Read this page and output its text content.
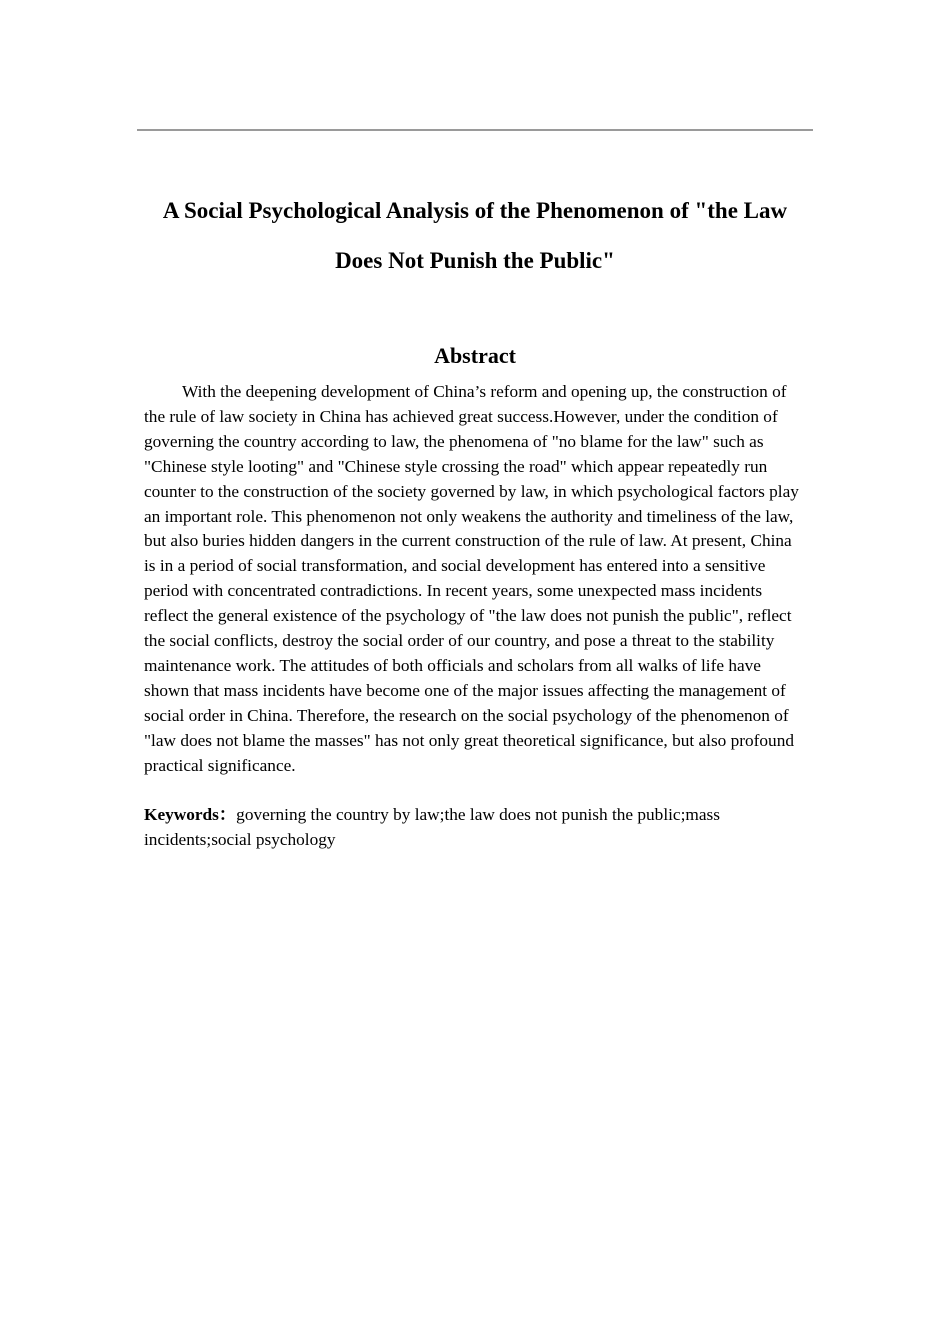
A Social Psychological Analysis of the Phenomenon of "the Law
Does Not Punish the Public"
Abstract

With the deepening development of China’s reform and opening up, the construction of the rule of law society in China has achieved great success.However, under the condition of governing the country according to law, the phenomena of "no blame for the law" such as "Chinese style looting" and "Chinese style crossing the road" which appear repeatedly run counter to the construction of the society governed by law, in which psychological factors play an important role. This phenomenon not only weakens the authority and timeliness of the law, but also buries hidden dangers in the current construction of the rule of law. At present, China is in a period of social transformation, and social development has entered into a sensitive period with concentrated contradictions. In recent years, some unexpected mass incidents reflect the general existence of the psychology of "the law does not punish the public", reflect the social conflicts, destroy the social order of our country, and pose a threat to the stability maintenance work. The attitudes of both officials and scholars from all walks of life have shown that mass incidents have become one of the major issues affecting the management of social order in China. Therefore, the research on the social psychology of the phenomenon of "law does not blame the masses" has not only great theoretical significance, but also profound practical significance.

Keywords：governing the country by law;the law does not punish the public;mass incidents;social psychology
